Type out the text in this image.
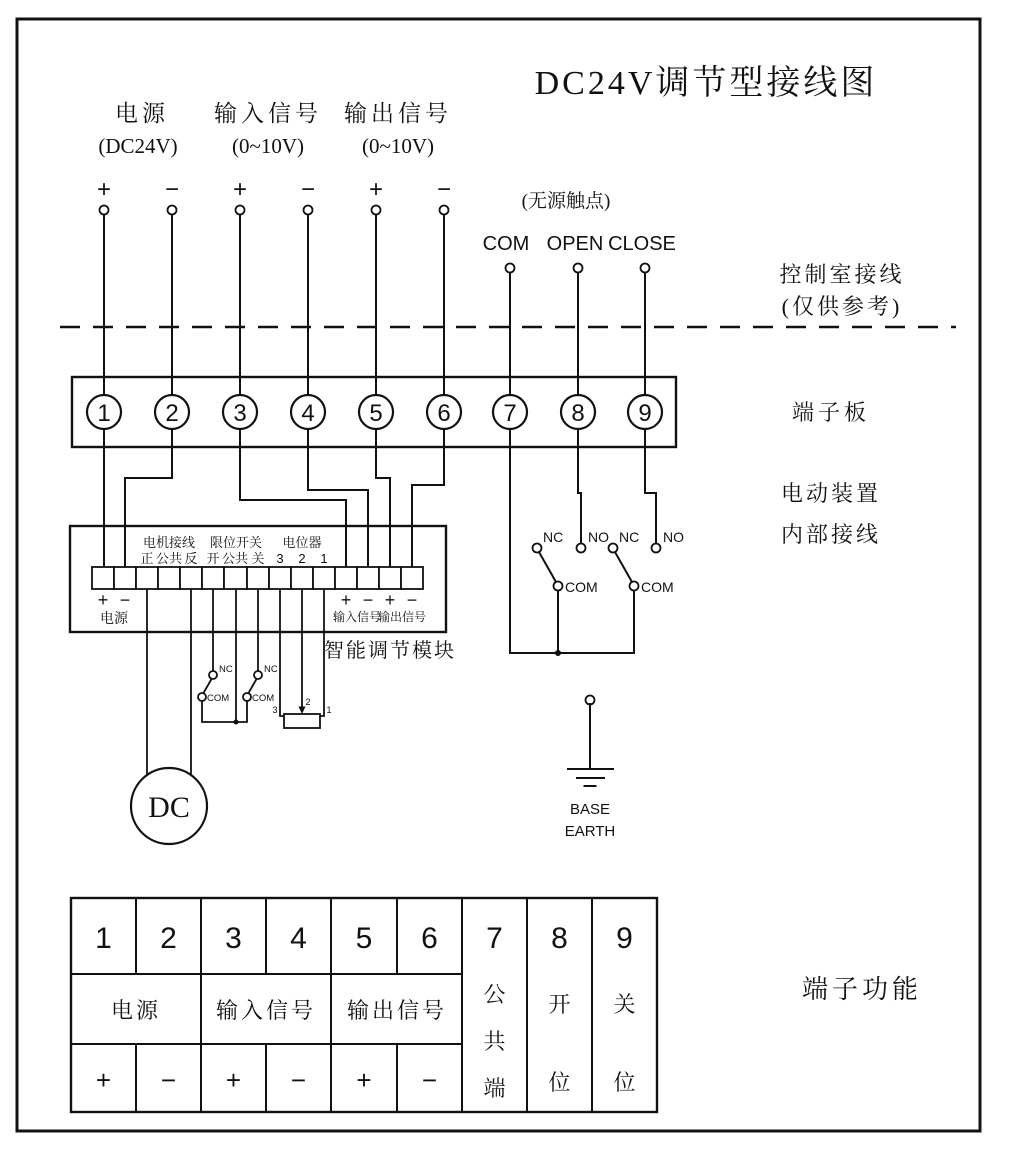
DC24V调节型接线图
电源
(DC24V)
输入信号
(0~10V)
输出信号
(0~10V)
+ − + − + −	(无源触点)
COM OPEN CLOSE
控制室接线
(仅供参考)
端子板
电动装置
内部接线
1 2 3 4 5 6 7 8 9
NC NO NC NO
COM	COM
BASE
EARTH
智能调节模块
电机接线 限位开关 电位器
正 公共 反 开 公共 关 3 2 1
+ −
电源
+ − + −
输入信号
输出信号
NC
COM
NC
COM
3
2
1
DC
1 2 3 4 5 6 7 8 9
电源 输入信号 输出信号
+ − + − + −
公
共
端
开
位
关
位
端子功能
